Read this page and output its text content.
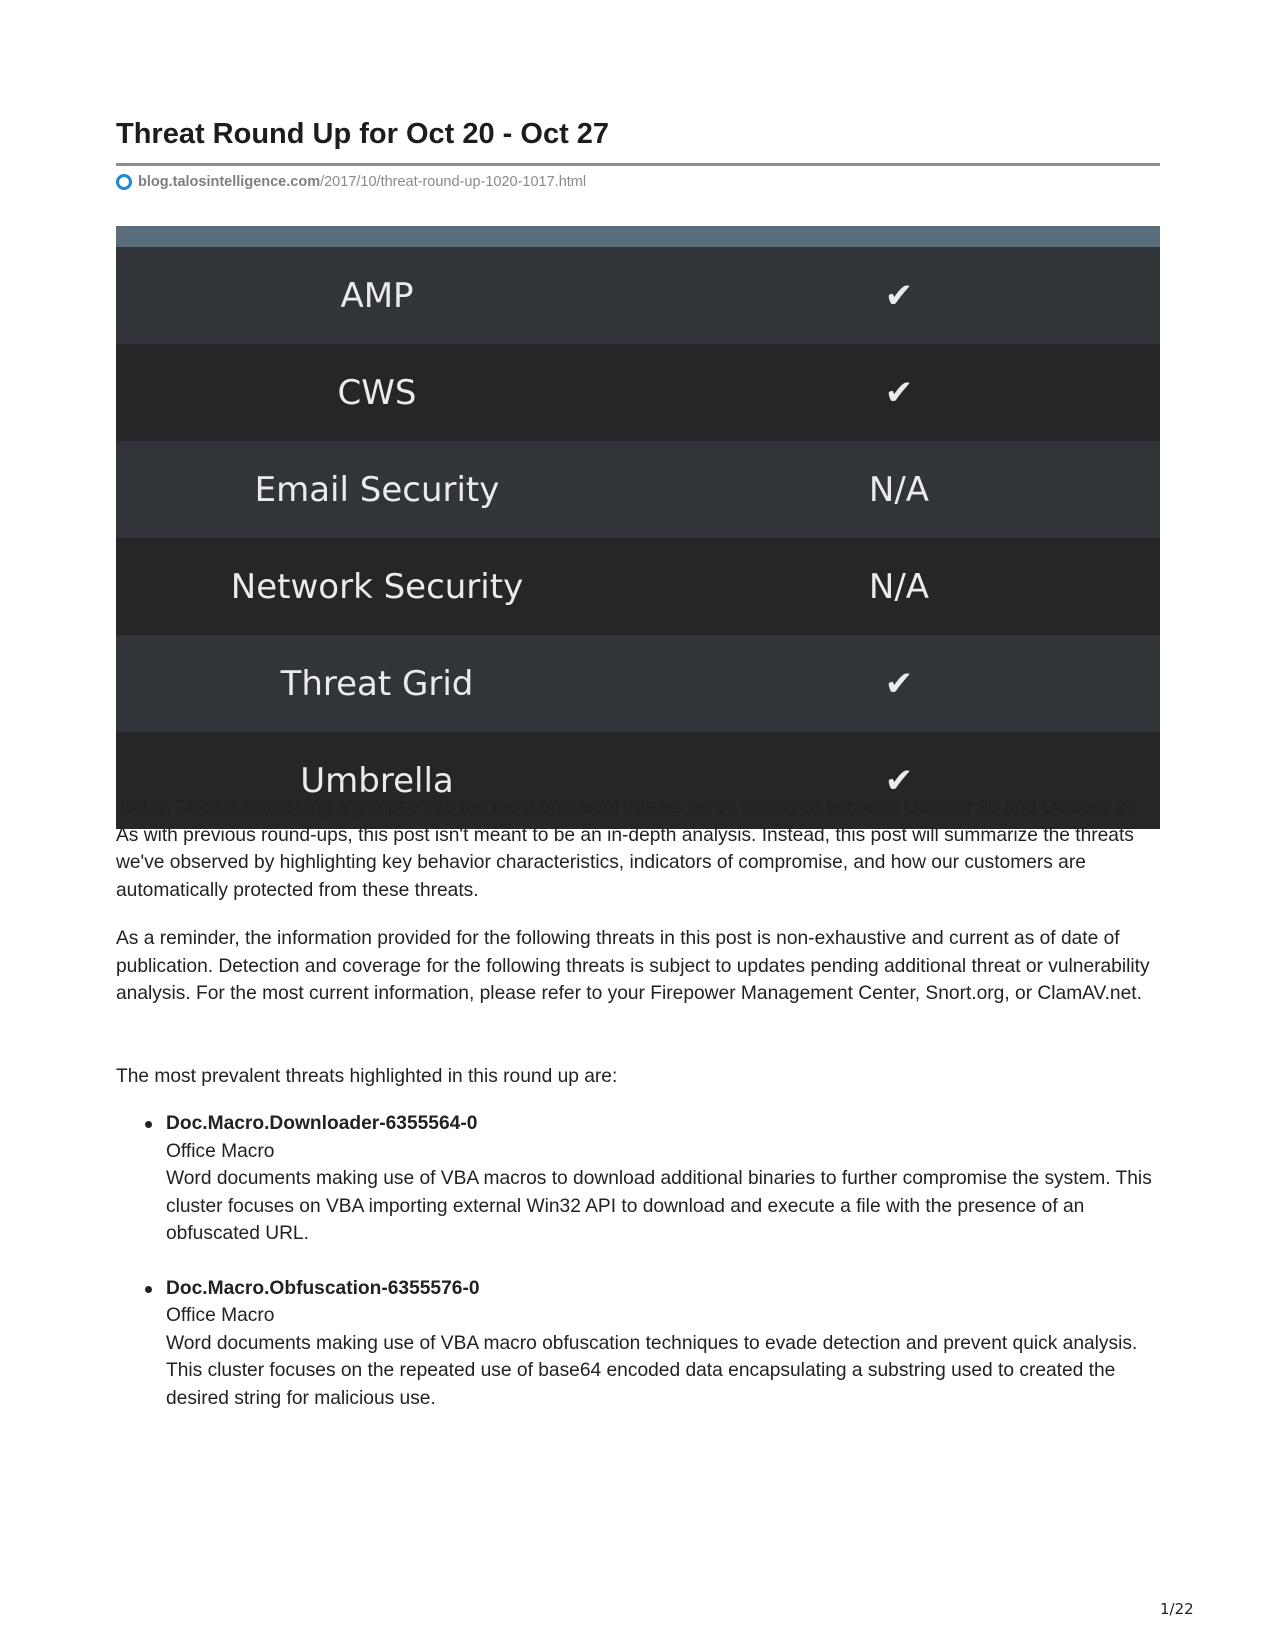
Threat Round Up for Oct 20 - Oct 27
blog.talosintelligence.com /2017/10/threat-round-up-1020-1017.html
AMP	✔
CWS	✔
Email Security	N/A
Network Security	N/A
Threat Grid	✔
Umbrella	✔

Today, Talos is publishing a glimpse into the most prevalent threats we've observed between October 20 and October 27. As with previous round-ups, this post isn't meant to be an in-depth analysis. Instead, this post will summarize the threats we've observed by highlighting key behavior characteristics, indicators of compromise, and how our customers are automatically protected from these threats.

As a reminder, the information provided for the following threats in this post is non-exhaustive and current as of date of publication. Detection and coverage for the following threats is subject to updates pending additional threat or vulnerability analysis. For the most current information, please refer to your Firepower Management Center, Snort.org, or ClamAV.net.

The most prevalent threats highlighted in this round up are:

Doc.Macro.Downloader-6355564-0
Office Macro
Word documents making use of VBA macros to download additional binaries to further compromise the system. This cluster focuses on VBA importing external Win32 API to download and execute a file with the presence of an obfuscated URL.
Doc.Macro.Obfuscation-6355576-0
Office Macro
Word documents making use of VBA macro obfuscation techniques to evade detection and prevent quick analysis. This cluster focuses on the repeated use of base64 encoded data encapsulating a substring used to created the desired string for malicious use.
1/22
